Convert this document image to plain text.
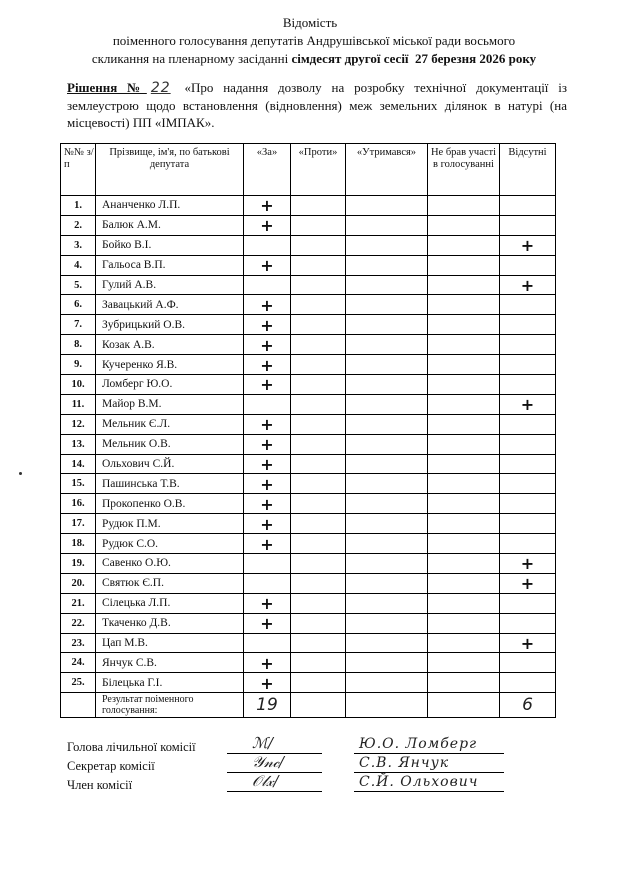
Відомість
поіменного голосування депутатів Андрушівської міської ради восьмого
скликання на пленарному засіданні сімдесят другої сесії 27 березня 2026 року
Рішення № 22 «Про надання дозволу на розробку технічної документації із землеустрою щодо встановлення (відновлення) меж земельних ділянок в натурі (на місцевості) ПП «ІМПАК».
№№ з/п	Прізвище, ім'я, по батькові депутата	«За»	«Проти»	«Утримався»	Не брав участі в голосуванні	Відсутні
1.	Ананченко Л.П.	+				
2.	Балюк А.М.	+				
3.	Бойко В.І.					+
4.	Гальоса В.П.	+				
5.	Гулий А.В.					+
6.	Завацький А.Ф.	+				
7.	Зубрицький О.В.	+				
8.	Козак А.В.	+				
9.	Кучеренко Я.В.	+				
10.	Ломберг Ю.О.	+				
11.	Майор В.М.					+
12.	Мельник Є.Л.	+				
13.	Мельник О.В.	+				
14.	Ольхович С.Й.	+				
15.	Пашинська Т.В.	+				
16.	Прокопенко О.В.	+				
17.	Рудюк П.М.	+				
18.	Рудюк С.О.	+				
19.	Савенко О.Ю.					+
20.	Святюк Є.П.					+
21.	Сілецька Л.П.	+				
22.	Ткаченко Д.В.	+				
23.	Цап М.В.					+
24.	Янчук С.В.	+				
25.	Білецька Г.І.	+				
	Результат поіменного голосування:	19				6
Голова лічильної комісії	ℳ/	Ю.О. Ломберг
Секретар комісії	𝒴𝓃𝒸/	С.В. Янчук
Член комісії	𝒪𝓁𝓍/	С.Й. Ольхович
